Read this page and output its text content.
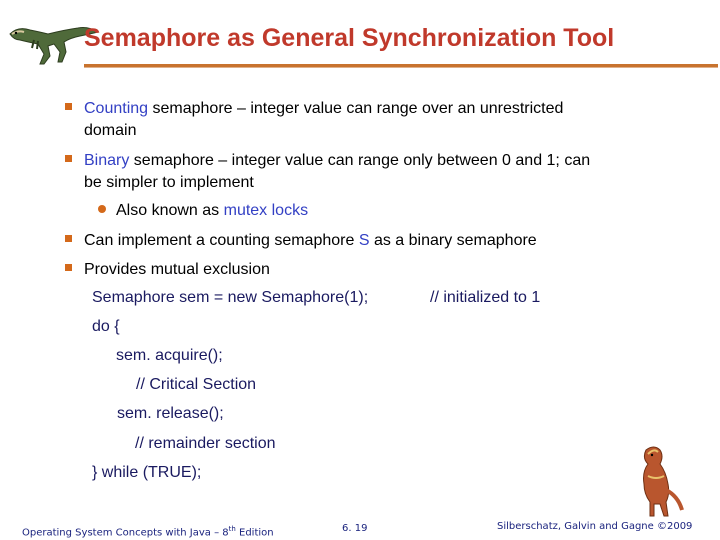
Semaphore as General Synchronization Tool
Counting semaphore – integer value can range over an unrestricted
domain
Binary semaphore – integer value can range only between 0 and 1; can
be simpler to implement
Also known as mutex locks
Can implement a counting semaphore S as a binary semaphore
Provides mutual exclusion
Semaphore sem = new Semaphore(1);	// initialized to 1
do {
sem. acquire();
// Critical Section
sem. release();
// remainder section
} while (TRUE);
Operating System Concepts with Java – 8th Edition	6. 19	Silberschatz, Galvin and Gagne ©2009
